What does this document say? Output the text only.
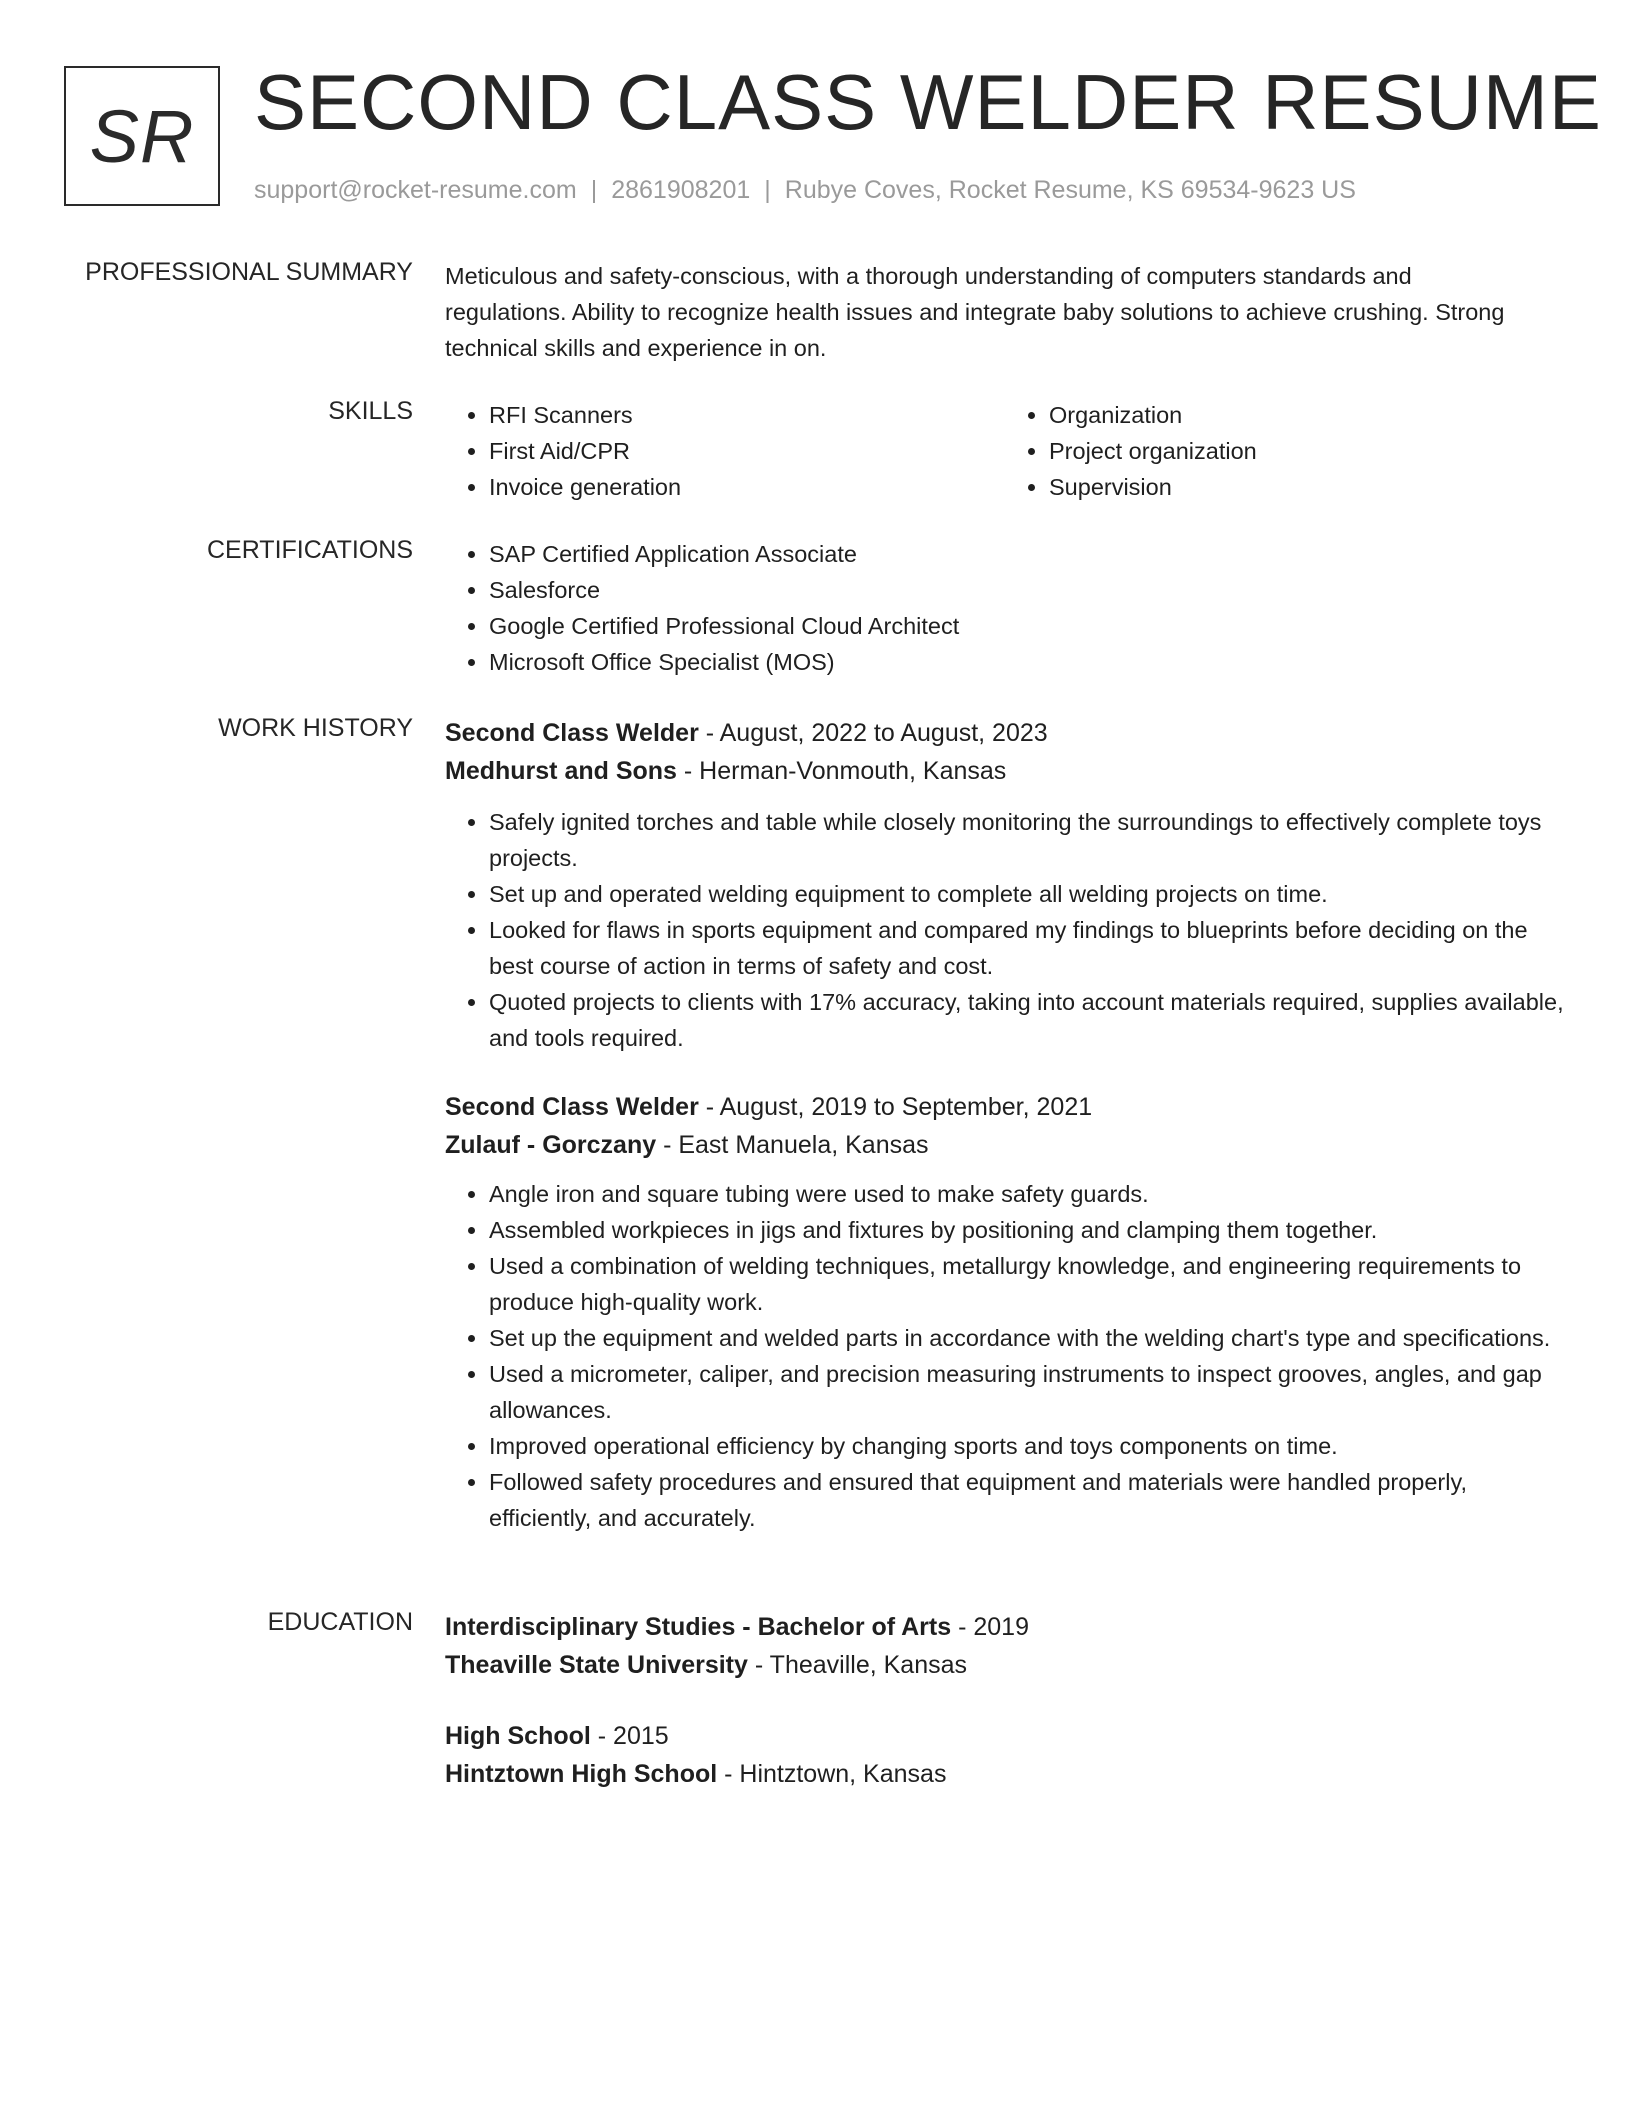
SR SECOND CLASS WELDER RESUME
support@rocket-resume.com | 2861908201 | Rubye Coves, Rocket Resume, KS 69534-9623 US
PROFESSIONAL SUMMARY Meticulous and safety-conscious, with a thorough understanding of computers standards and regulations. Ability to recognize health issues and integrate baby solutions to achieve crushing. Strong technical skills and experience in on.

SKILLS	• RFI Scanners
• First Aid/CPR
• Invoice generation
• Organization
• Project organization
• Supervision
CERTIFICATIONS	• SAP Certified Application Associate
• Salesforce
• Google Certified Professional Cloud Architect
• Microsoft Office Specialist (MOS)
WORK HISTORY Second Class Welder - August, 2022 to August, 2023
Medhurst and Sons - Herman-Vonmouth, Kansas
• Safely ignited torches and table while closely monitoring the surroundings to effectively complete toys projects.
• Set up and operated welding equipment to complete all welding projects on time.
• Looked for flaws in sports equipment and compared my findings to blueprints before deciding on the best course of action in terms of safety and cost.
• Quoted projects to clients with 17% accuracy, taking into account materials required, supplies available, and tools required.
Second Class Welder - August, 2019 to September, 2021
Zulauf - Gorczany - East Manuela, Kansas
• Angle iron and square tubing were used to make safety guards.
• Assembled workpieces in jigs and fixtures by positioning and clamping them together.
• Used a combination of welding techniques, metallurgy knowledge, and engineering requirements to produce high-quality work.
• Set up the equipment and welded parts in accordance with the welding chart's type and specifications.
• Used a micrometer, caliper, and precision measuring instruments to inspect grooves, angles, and gap allowances.
• Improved operational efficiency by changing sports and toys components on time.
• Followed safety procedures and ensured that equipment and materials were handled properly, efficiently, and accurately.
EDUCATION Interdisciplinary Studies - Bachelor of Arts - 2019
Theaville State University - Theaville, Kansas
High School - 2015
Hintztown High School - Hintztown, Kansas
